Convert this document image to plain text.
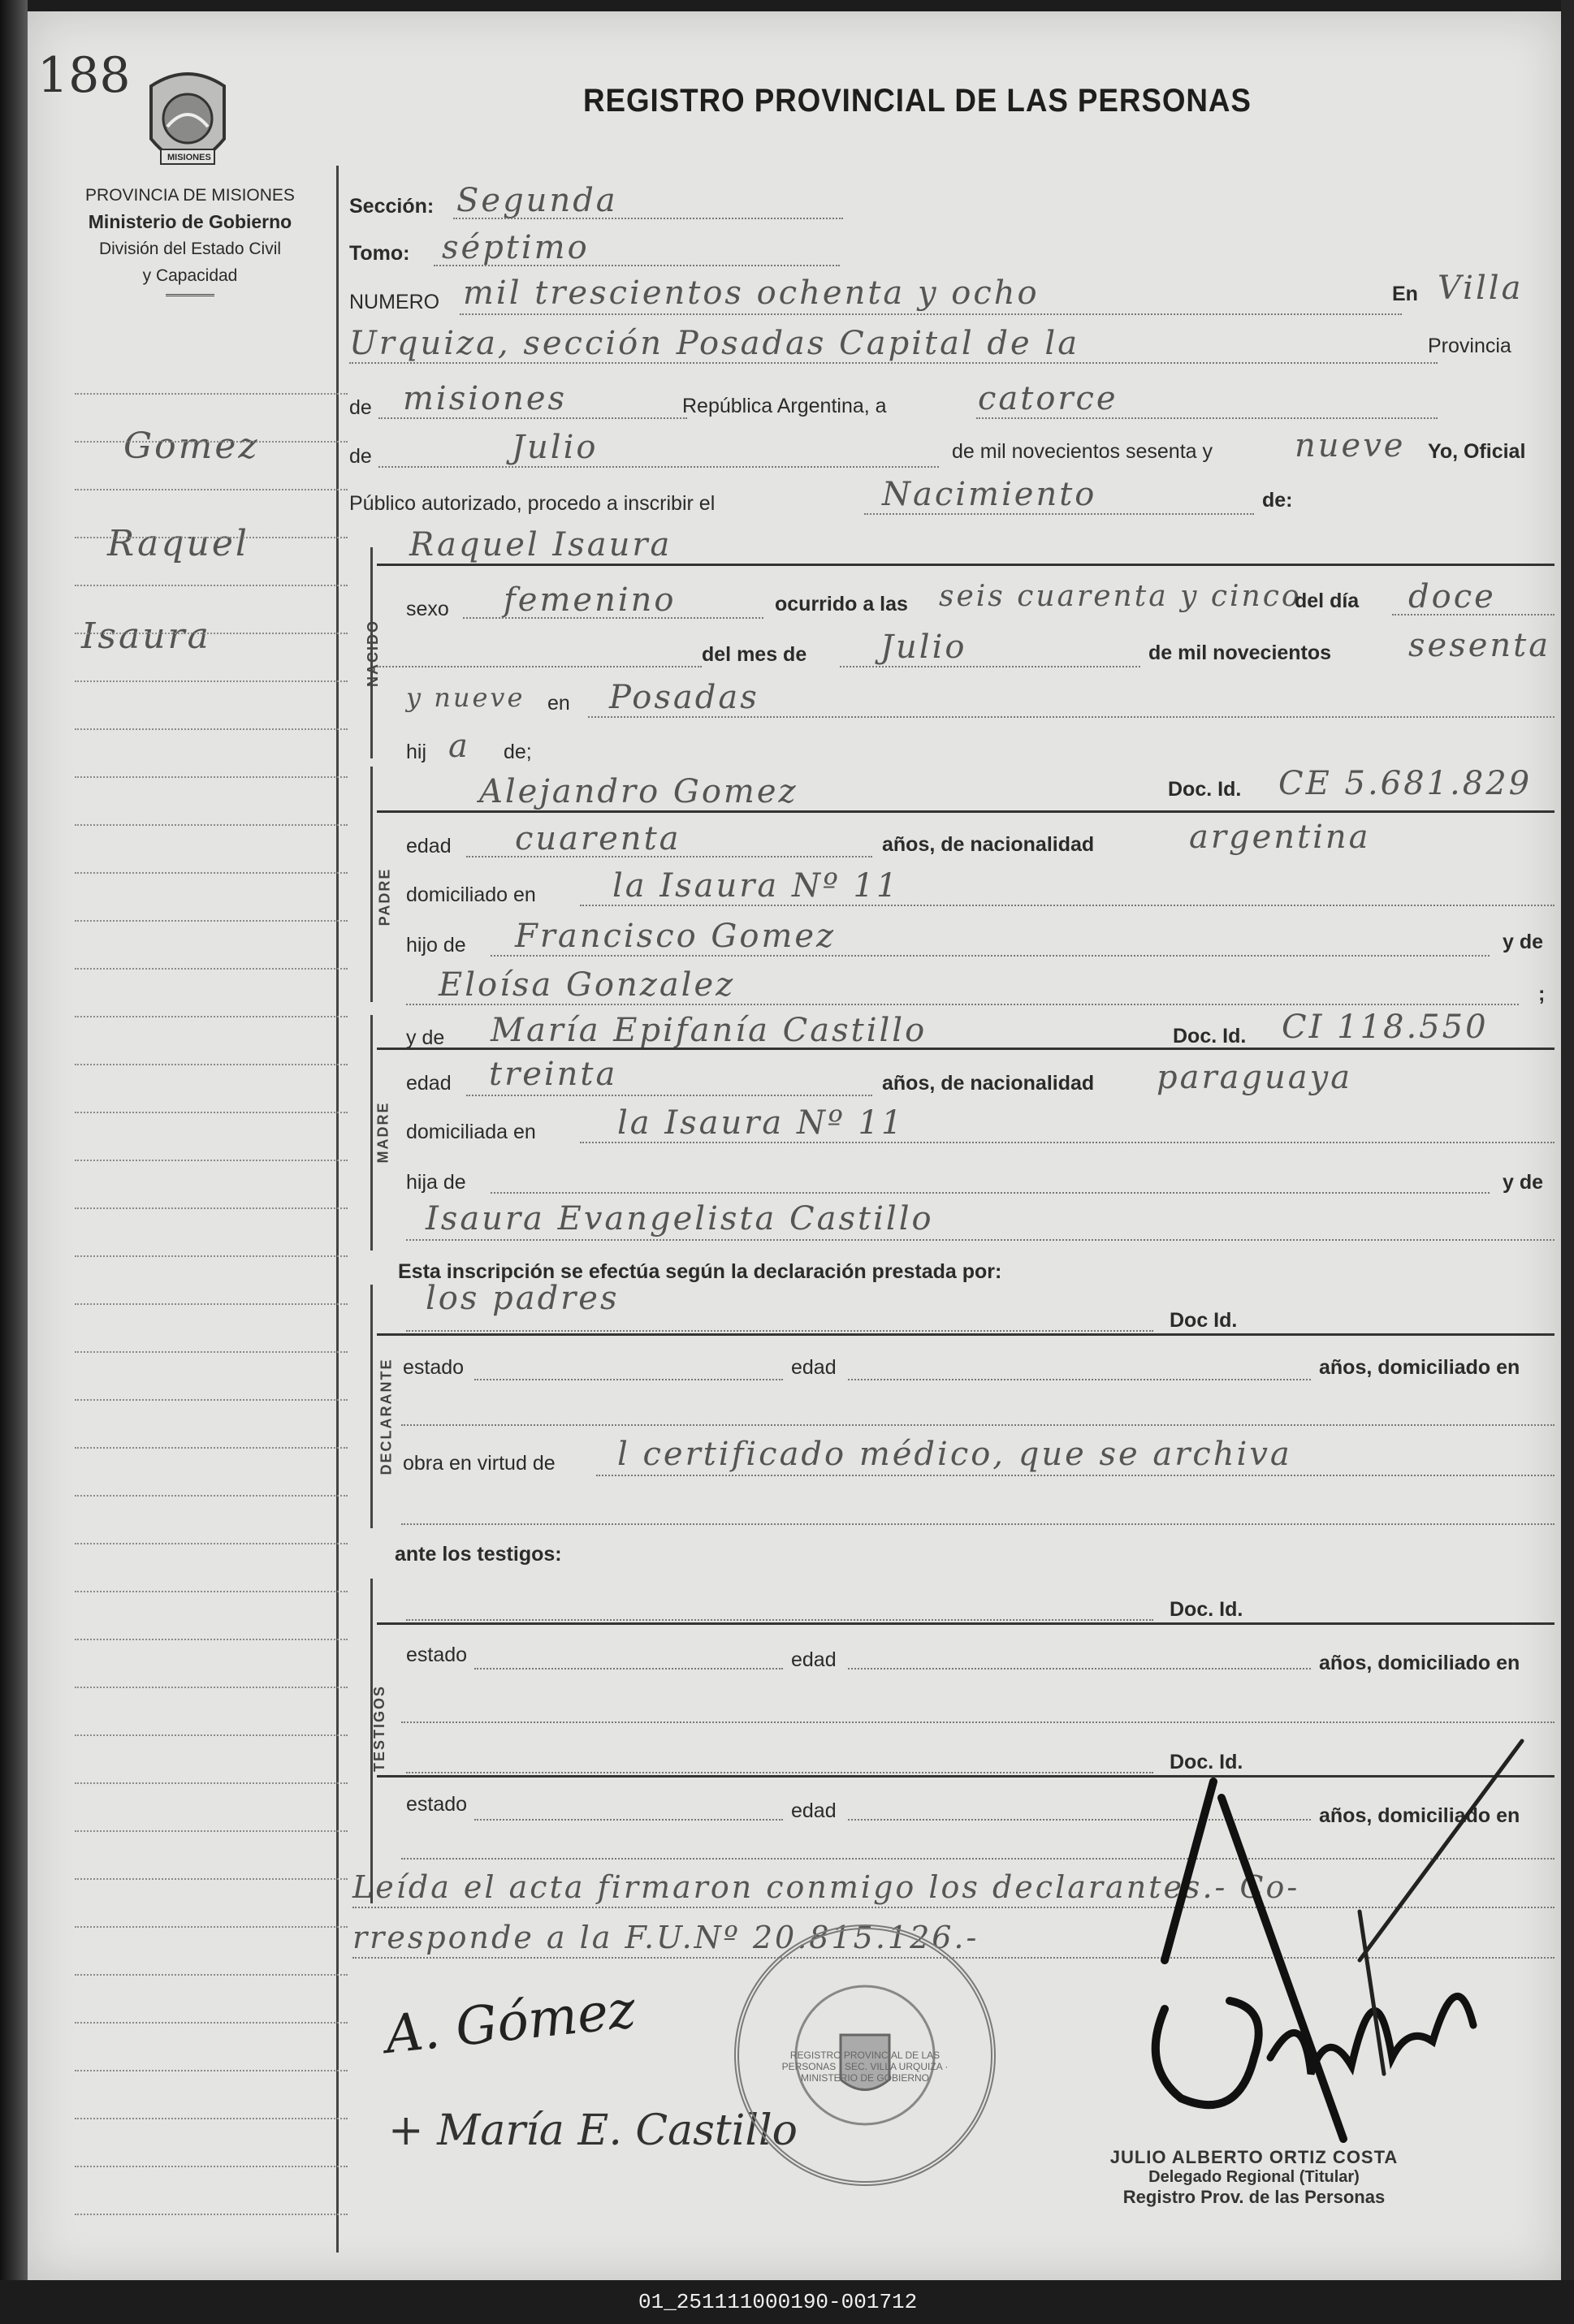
188
MISIONES
PROVINCIA DE MISIONES
Ministerio de Gobierno
División del Estado Civil
y Capacidad
REGISTRO PROVINCIAL DE LAS PERSONAS
Gomez
Raquel
Isaura
Sección: Segunda
Tomo: séptimo
NUMERO mil trescientos ochenta y ocho	En Villa
Urquiza, sección Posadas Capital de la	Provincia
de misiones	República Argentina, a	catorce
de	Julio	de mil novecientos sesenta y	nueve Yo, Oficial
Público autorizado, procedo a inscribir el	Nacimiento	de:
NACIDO
Raquel Isaura
sexo femenino	ocurrido a las seis cuarenta y cinco
del día doce
del mes de Julio	de mil novecientos sesenta
y nueve en Posadas
hij a de;
PADRE
Alejandro Gomez	Doc. Id. CE 5.681.829
edad cuarenta	años, de nacionalidad	argentina
domiciliado en la Isaura Nº 11
hijo de Francisco Gomez	y de
Eloísa Gonzalez	;
MADRE
y de María Epifanía Castillo	Doc. Id. CI 118.550
edad treinta	años, de nacionalidad paraguaya
domiciliada en	la Isaura Nº 11
hija de	y de
Isaura Evangelista Castillo
Esta inscripción se efectúa según la declaración prestada por:
DECLARANTE
los padres
Doc Id.
estado	edad	años, domiciliado en
obra en virtud de l certificado médico, que se archiva
ante los testigos:
TESTIGOS
Doc. Id.
estado	edad	años, domiciliado en
Doc. Id.
estado	edad	años, domiciliado en
Leída el acta firmaron conmigo los declarantes.- Co-
rresponde a la F.U.Nº 20.815.126.-
A. Gómez
+ María E. Castillo
REGISTRO PROVINCIAL DE LAS PERSONAS · SEC. VILLA URQUIZA · MINISTERIO DE GOBIERNO
JULIO ALBERTO ORTIZ COSTA
Delegado Regional (Titular)
Registro Prov. de las Personas
01_251111000190-001712
